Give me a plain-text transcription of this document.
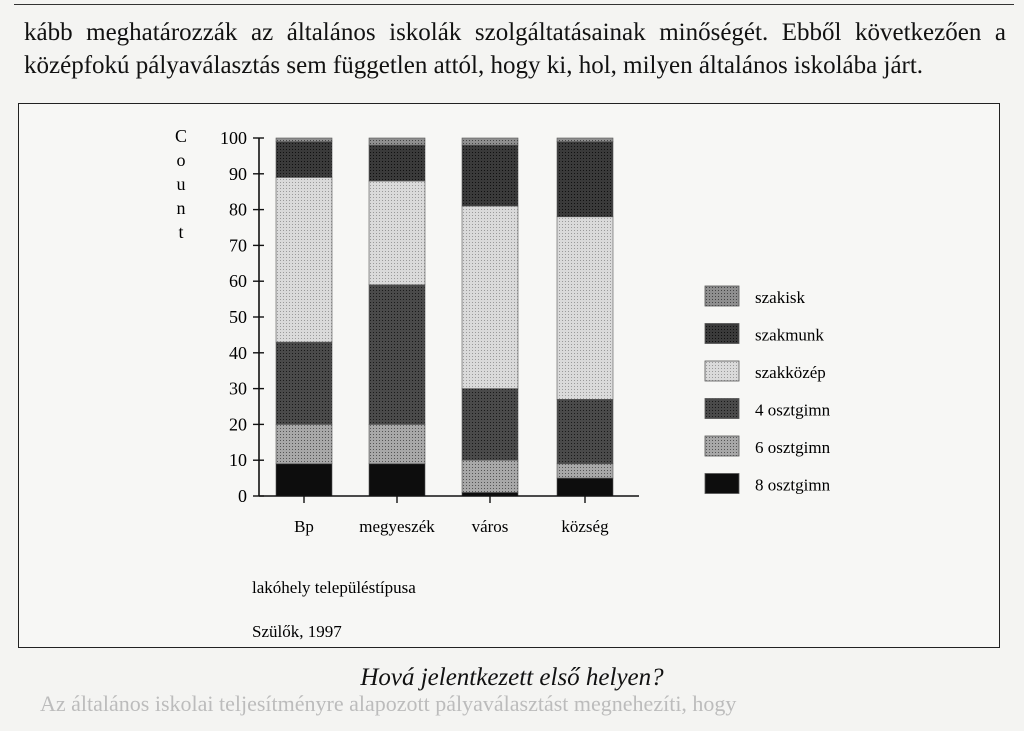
kább meghatározzák az általános iskolák szolgáltatásainak minőségét. Ebből következően a

középfokú pályaválasztás sem független attól, hogy ki, hol, milyen általános iskolába járt.

0
10
20
30
40
50
60
70
80
90
100
C
o
u
n
t
Bp	megyeszék város	község
szakisk
szakmunk
szakközép
4 osztgimn
6 osztgimn
8 osztgimn
lakóhely településtípusa
Szülők, 1997
Hová jelentkezett első helyen?
Az általános iskolai teljesítményre alapozott pályaválasztást megnehezíti, hogy
